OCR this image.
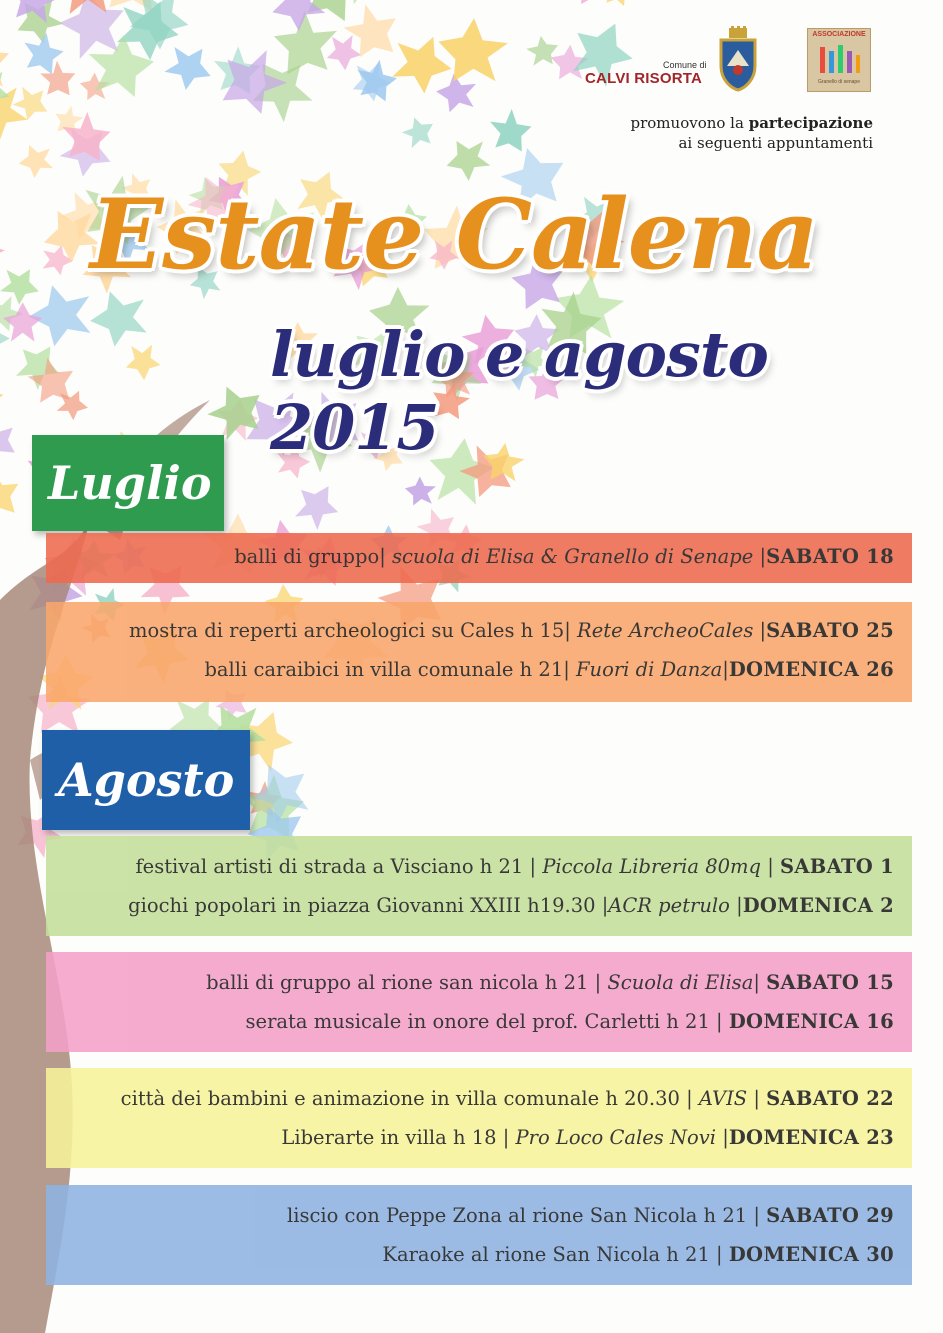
Comune di
CALVI RISORTA
ASSOCIAZIONE
Granello di senape
promuovono la partecipazione
ai seguenti appuntamenti
Estate Calena
luglio e agosto 2015
Luglio
balli di gruppo| scuola di Elisa & Granello di Senape |SABATO 18
mostra di reperti archeologici su Cales h 15| Rete ArcheoCales |SABATO 25
balli caraibici in villa comunale h 21| Fuori di Danza|DOMENICA 26
Agosto
festival artisti di strada a Visciano h 21 | Piccola Libreria 80mq | SABATO 1
giochi popolari in piazza Giovanni XXIII h19.30 |ACR petrulo |DOMENICA 2
balli di gruppo al rione san nicola h 21 | Scuola di Elisa| SABATO 15
serata musicale in onore del prof. Carletti h 21 | DOMENICA 16
città dei bambini e animazione in villa comunale h 20.30 | AVIS | SABATO 22
Liberarte in villa h 18 | Pro Loco Cales Novi |DOMENICA 23
liscio con Peppe Zona al rione San Nicola h 21 | SABATO 29
Karaoke al rione San Nicola h 21 | DOMENICA 30
